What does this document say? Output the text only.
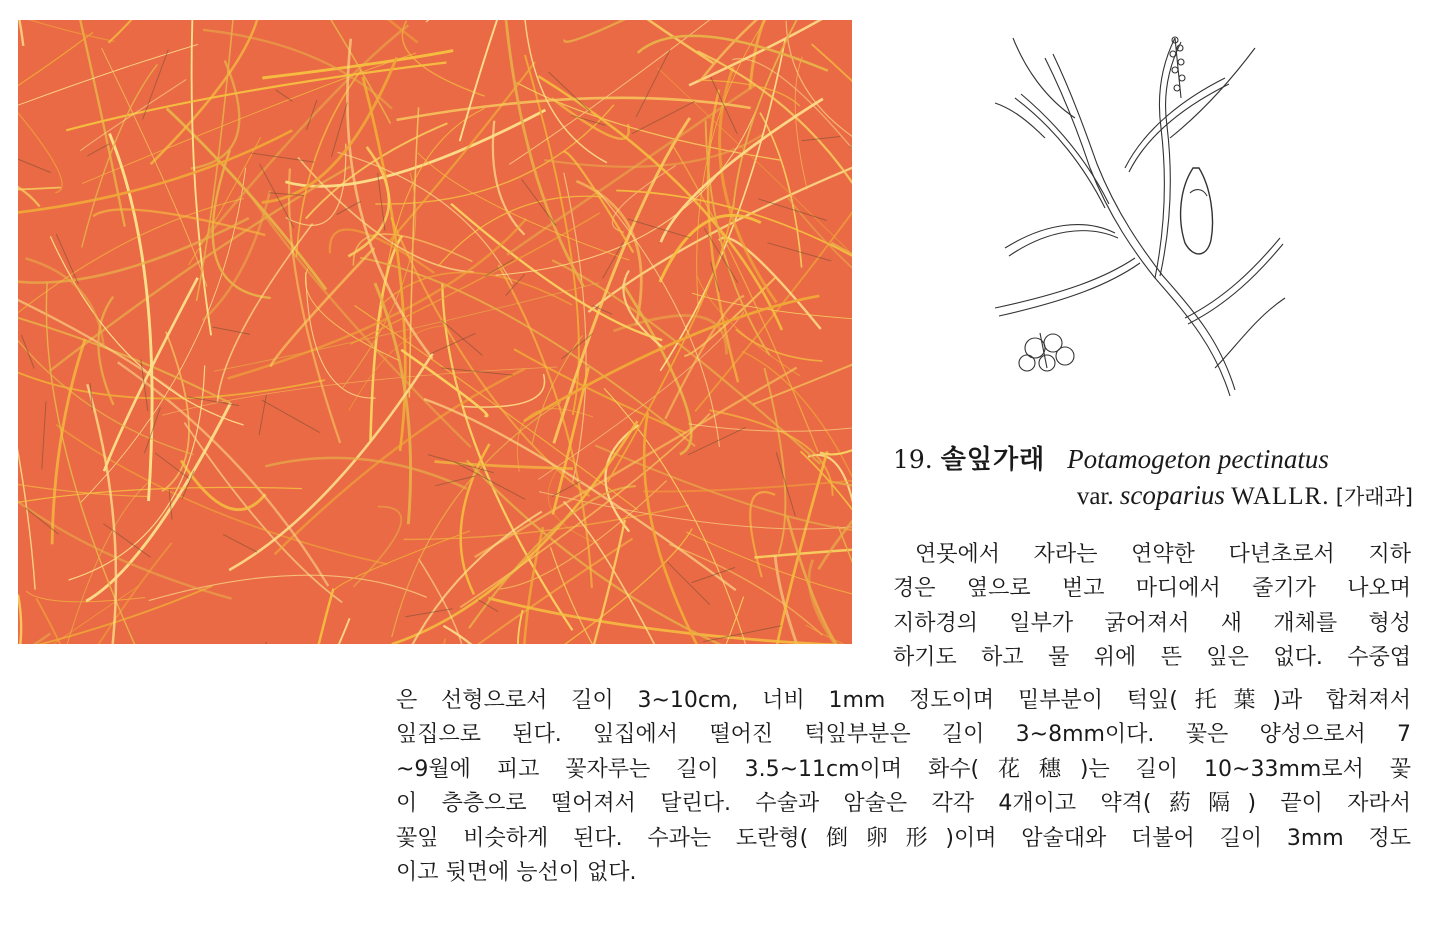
19. 솔잎가래 Potamogeton pectinatus
var. scoparius WALLR. [가래과]
연못에서 자라는 연약한 다년초로서 지하
경은 옆으로 벋고 마디에서 줄기가 나오며
지하경의 일부가 굵어져서 새 개체를 형성
하기도 하고 물 위에 뜬 잎은 없다. 수중엽
은 선형으로서 길이 3~10cm, 너비 1mm 정도이며 밑부분이 턱잎(托葉)과 합쳐져서
잎집으로 된다. 잎집에서 떨어진 턱잎부분은 길이 3~8mm이다. 꽃은 양성으로서 7
~9월에 피고 꽃자루는 길이 3.5~11cm이며 화수(花穗)는 길이 10~33mm로서 꽃
이 층층으로 떨어져서 달린다. 수술과 암술은 각각 4개이고 약격(葯隔) 끝이 자라서
꽃잎 비슷하게 된다. 수과는 도란형(倒卵形)이며 암술대와 더불어 길이 3mm 정도
이고 뒷면에 능선이 없다.
